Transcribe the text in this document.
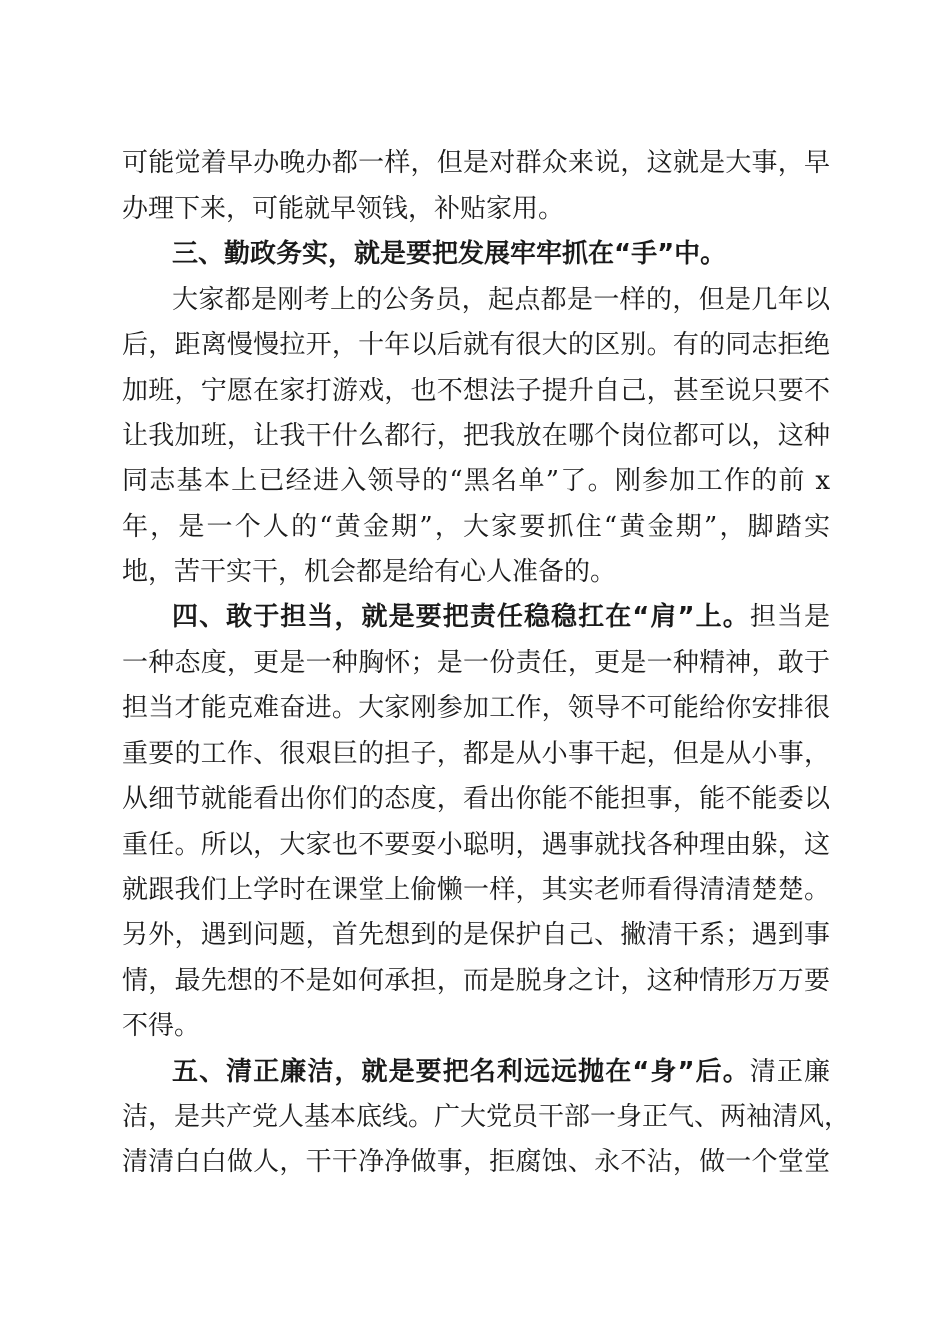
可能觉着早办晚办都一样，但是对群众来说，这就是大事，早
办理下来，可能就早领钱，补贴家用。
三、勤政务实，就是要把发展牢牢抓在“手”中。
大家都是刚考上的公务员，起点都是一样的，但是几年以
后，距离慢慢拉开，十年以后就有很大的区别。有的同志拒绝
加班，宁愿在家打游戏，也不想法子提升自己，甚至说只要不
让我加班，让我干什么都行，把我放在哪个岗位都可以，这种
同志基本上已经进入领导的“黑名单”了。刚参加工作的前 x
年，是一个人的“黄金期”，大家要抓住“黄金期”，脚踏实
地，苦干实干，机会都是给有心人准备的。
四、敢于担当，就是要把责任稳稳扛在“肩”上。担当是
一种态度，更是一种胸怀；是一份责任，更是一种精神，敢于
担当才能克难奋进。大家刚参加工作，领导不可能给你安排很
重要的工作、很艰巨的担子，都是从小事干起，但是从小事，
从细节就能看出你们的态度，看出你能不能担事，能不能委以
重任。所以，大家也不要耍小聪明，遇事就找各种理由躲，这
就跟我们上学时在课堂上偷懒一样，其实老师看得清清楚楚。
另外，遇到问题，首先想到的是保护自己、撇清干系；遇到事
情，最先想的不是如何承担，而是脱身之计，这种情形万万要
不得。
五、清正廉洁，就是要把名利远远抛在“身”后。清正廉
洁，是共产党人基本底线。广大党员干部一身正气、两袖清风，
清清白白做人，干干净净做事，拒腐蚀、永不沾，做一个堂堂
